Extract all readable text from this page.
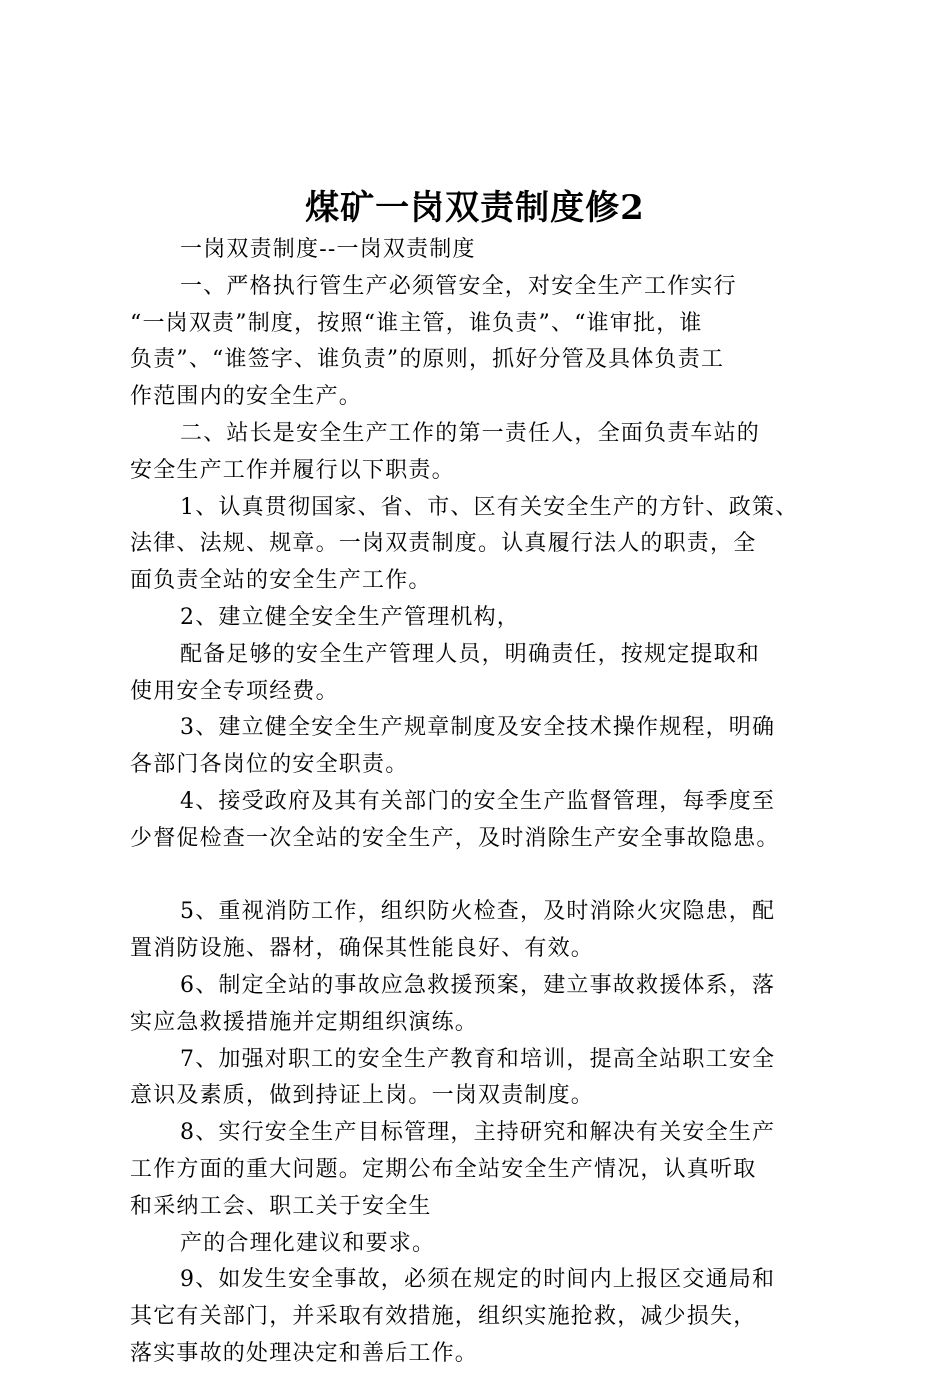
煤矿一岗双责制度修2
一岗双责制度--一岗双责制度
一、严格执行管生产必须管安全，对安全生产工作实行
“一岗双责”制度，按照“谁主管，谁负责”、“谁审批，谁
负责”、“谁签字、谁负责”的原则，抓好分管及具体负责工
作范围内的安全生产。
二、站长是安全生产工作的第一责任人，全面负责车站的
安全生产工作并履行以下职责。
1、认真贯彻国家、省、市、区有关安全生产的方针、政策、
法律、法规、规章。一岗双责制度。认真履行法人的职责，全
面负责全站的安全生产工作。
2、建立健全安全生产管理机构，
配备足够的安全生产管理人员，明确责任，按规定提取和
使用安全专项经费。
3、建立健全安全生产规章制度及安全技术操作规程，明确
各部门各岗位的安全职责。
4、接受政府及其有关部门的安全生产监督管理，每季度至
少督促检查一次全站的安全生产，及时消除生产安全事故隐患。
5、重视消防工作，组织防火检查，及时消除火灾隐患，配
置消防设施、器材，确保其性能良好、有效。
6、制定全站的事故应急救援预案，建立事故救援体系，落
实应急救援措施并定期组织演练。
7、加强对职工的安全生产教育和培训，提高全站职工安全
意识及素质，做到持证上岗。一岗双责制度。
8、实行安全生产目标管理，主持研究和解决有关安全生产
工作方面的重大问题。定期公布全站安全生产情况，认真听取
和采纳工会、职工关于安全生
产的合理化建议和要求。
9、如发生安全事故，必须在规定的时间内上报区交通局和
其它有关部门，并采取有效措施，组织实施抢救，减少损失，
落实事故的处理决定和善后工作。
